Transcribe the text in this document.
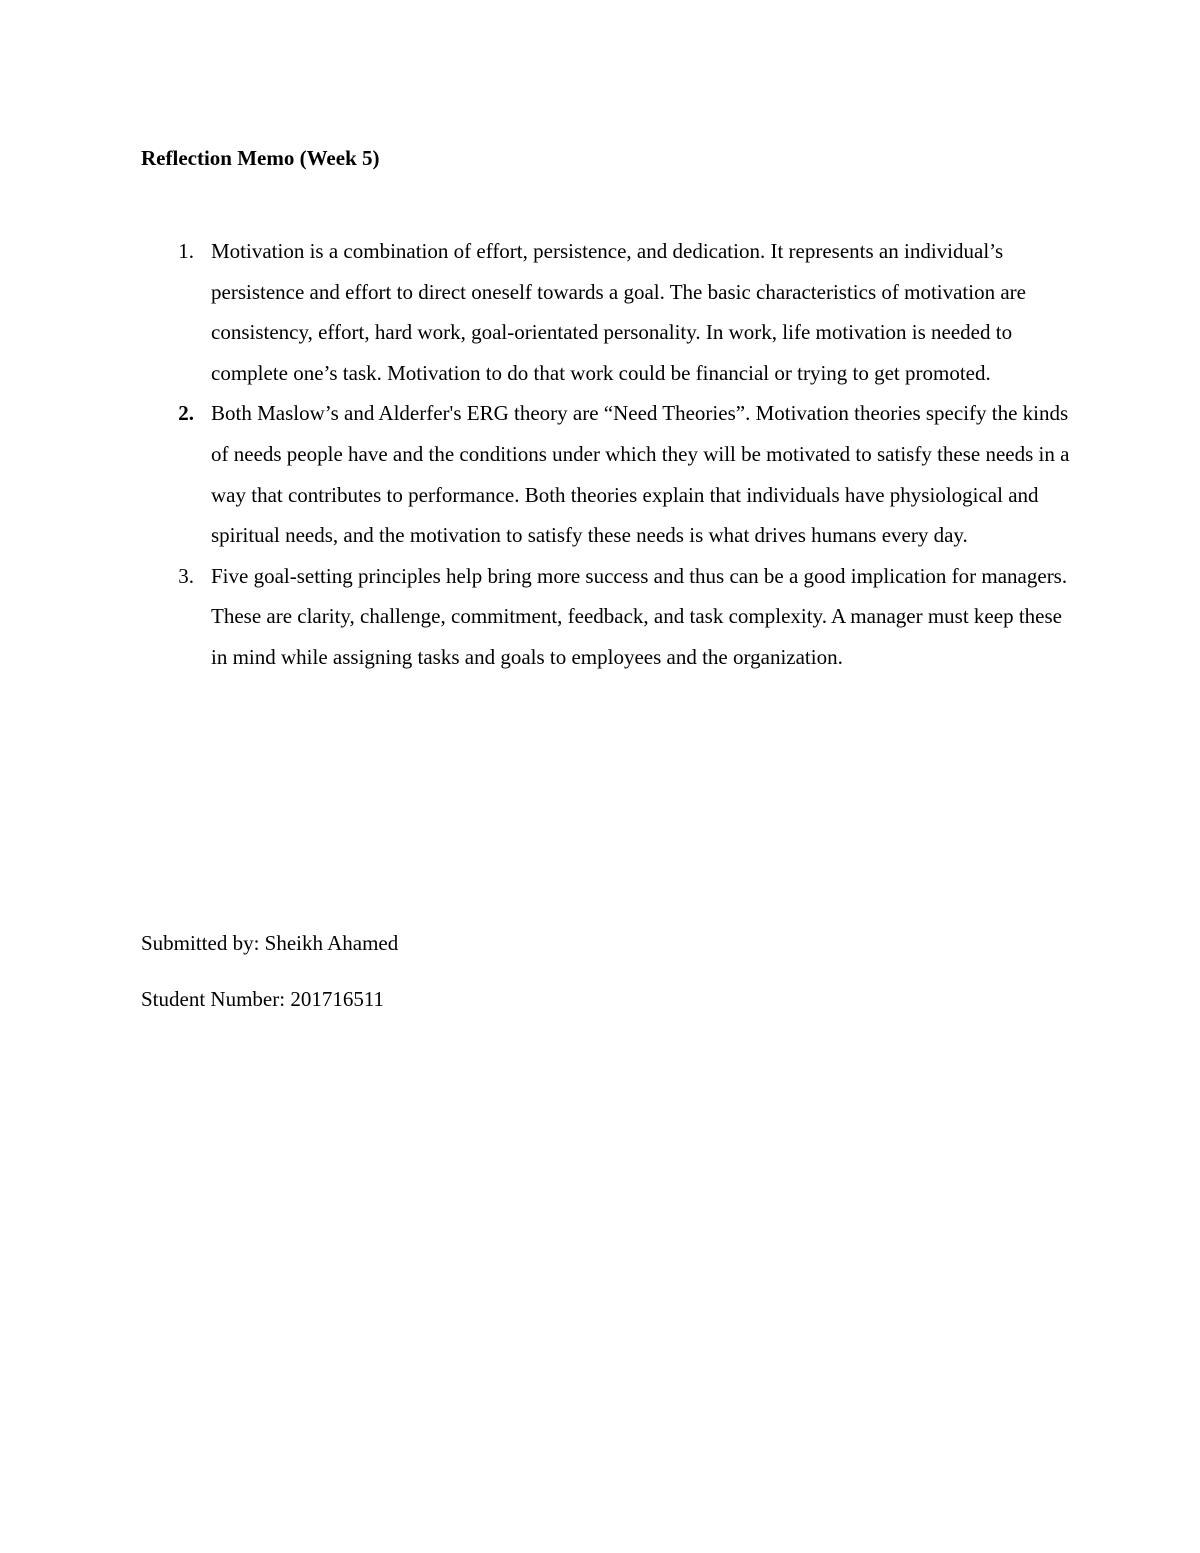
Reflection Memo (Week 5)
1. Motivation is a combination of effort, persistence, and dedication. It represents an individual’s persistence and effort to direct oneself towards a goal. The basic characteristics of motivation are consistency, effort, hard work, goal-orientated personality. In work, life motivation is needed to complete one’s task. Motivation to do that work could be financial or trying to get promoted.
2. Both Maslow’s and Alderfer's ERG theory are “Need Theories”. Motivation theories specify the kinds of needs people have and the conditions under which they will be motivated to satisfy these needs in a way that contributes to performance. Both theories explain that individuals have physiological and spiritual needs, and the motivation to satisfy these needs is what drives humans every day.
3. Five goal-setting principles help bring more success and thus can be a good implication for managers. These are clarity, challenge, commitment, feedback, and task complexity. A manager must keep these in mind while assigning tasks and goals to employees and the organization.
Submitted by: Sheikh Ahamed
Student Number: 201716511
